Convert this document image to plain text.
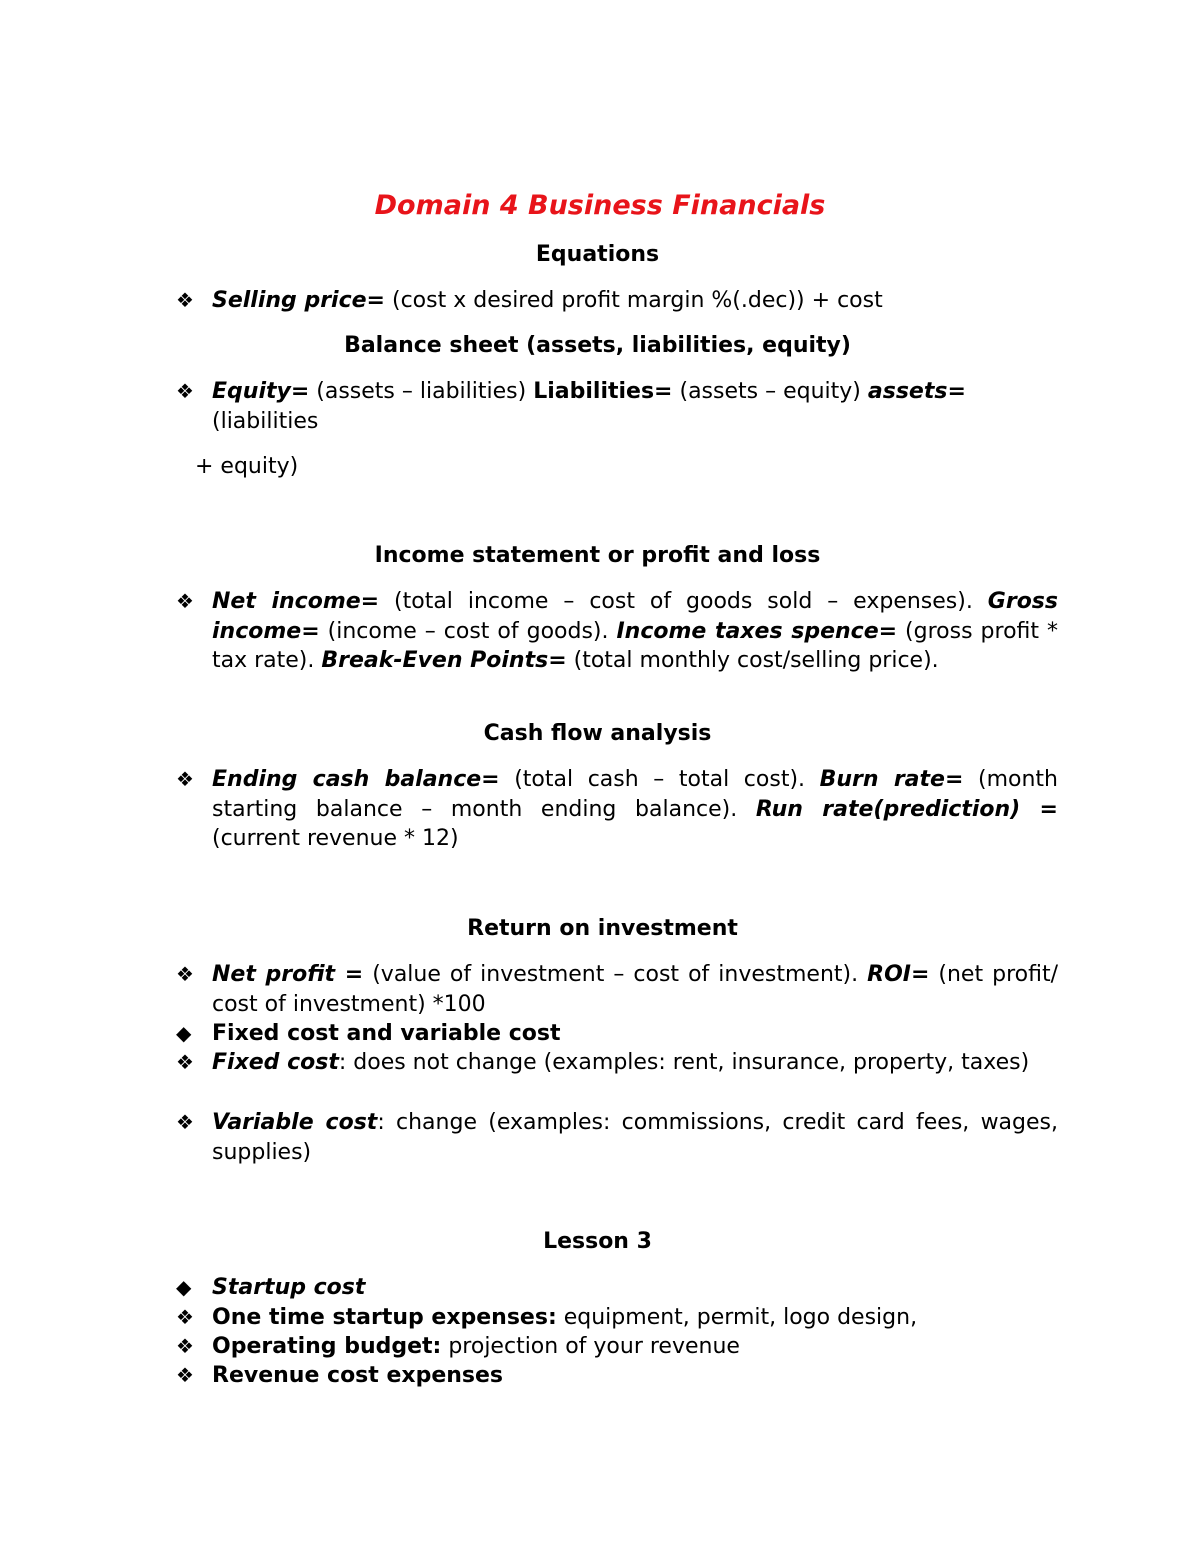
Domain 4 Business Financials
Equations
❖ Selling price= (cost x desired profit margin %(.dec)) + cost
Balance sheet (assets, liabilities, equity)
❖ Equity= (assets – liabilities) Liabilities= (assets – equity) assets=
(liabilities
+ equity)
Income statement or profit and loss
❖ Net income= (total income – cost of goods sold – expenses). Gross income= (income – cost of goods). Income taxes spence= (gross profit * tax rate). Break-Even Points= (total monthly cost/selling price).
Cash flow analysis
❖ Ending cash balance= (total cash – total cost). Burn rate= (month starting balance – month ending balance). Run rate(prediction) = (current revenue * 12)
Return on investment
❖ Net profit = (value of investment – cost of investment). ROI= (net profit/ cost of investment) *100
◆ Fixed cost and variable cost
❖ Fixed cost: does not change (examples: rent, insurance, property, taxes)
❖ Variable cost: change (examples: commissions, credit card fees, wages, supplies)
Lesson 3
◆ Startup cost
❖ One time startup expenses: equipment, permit, logo design,
❖ Operating budget: projection of your revenue
❖ Revenue cost expenses
